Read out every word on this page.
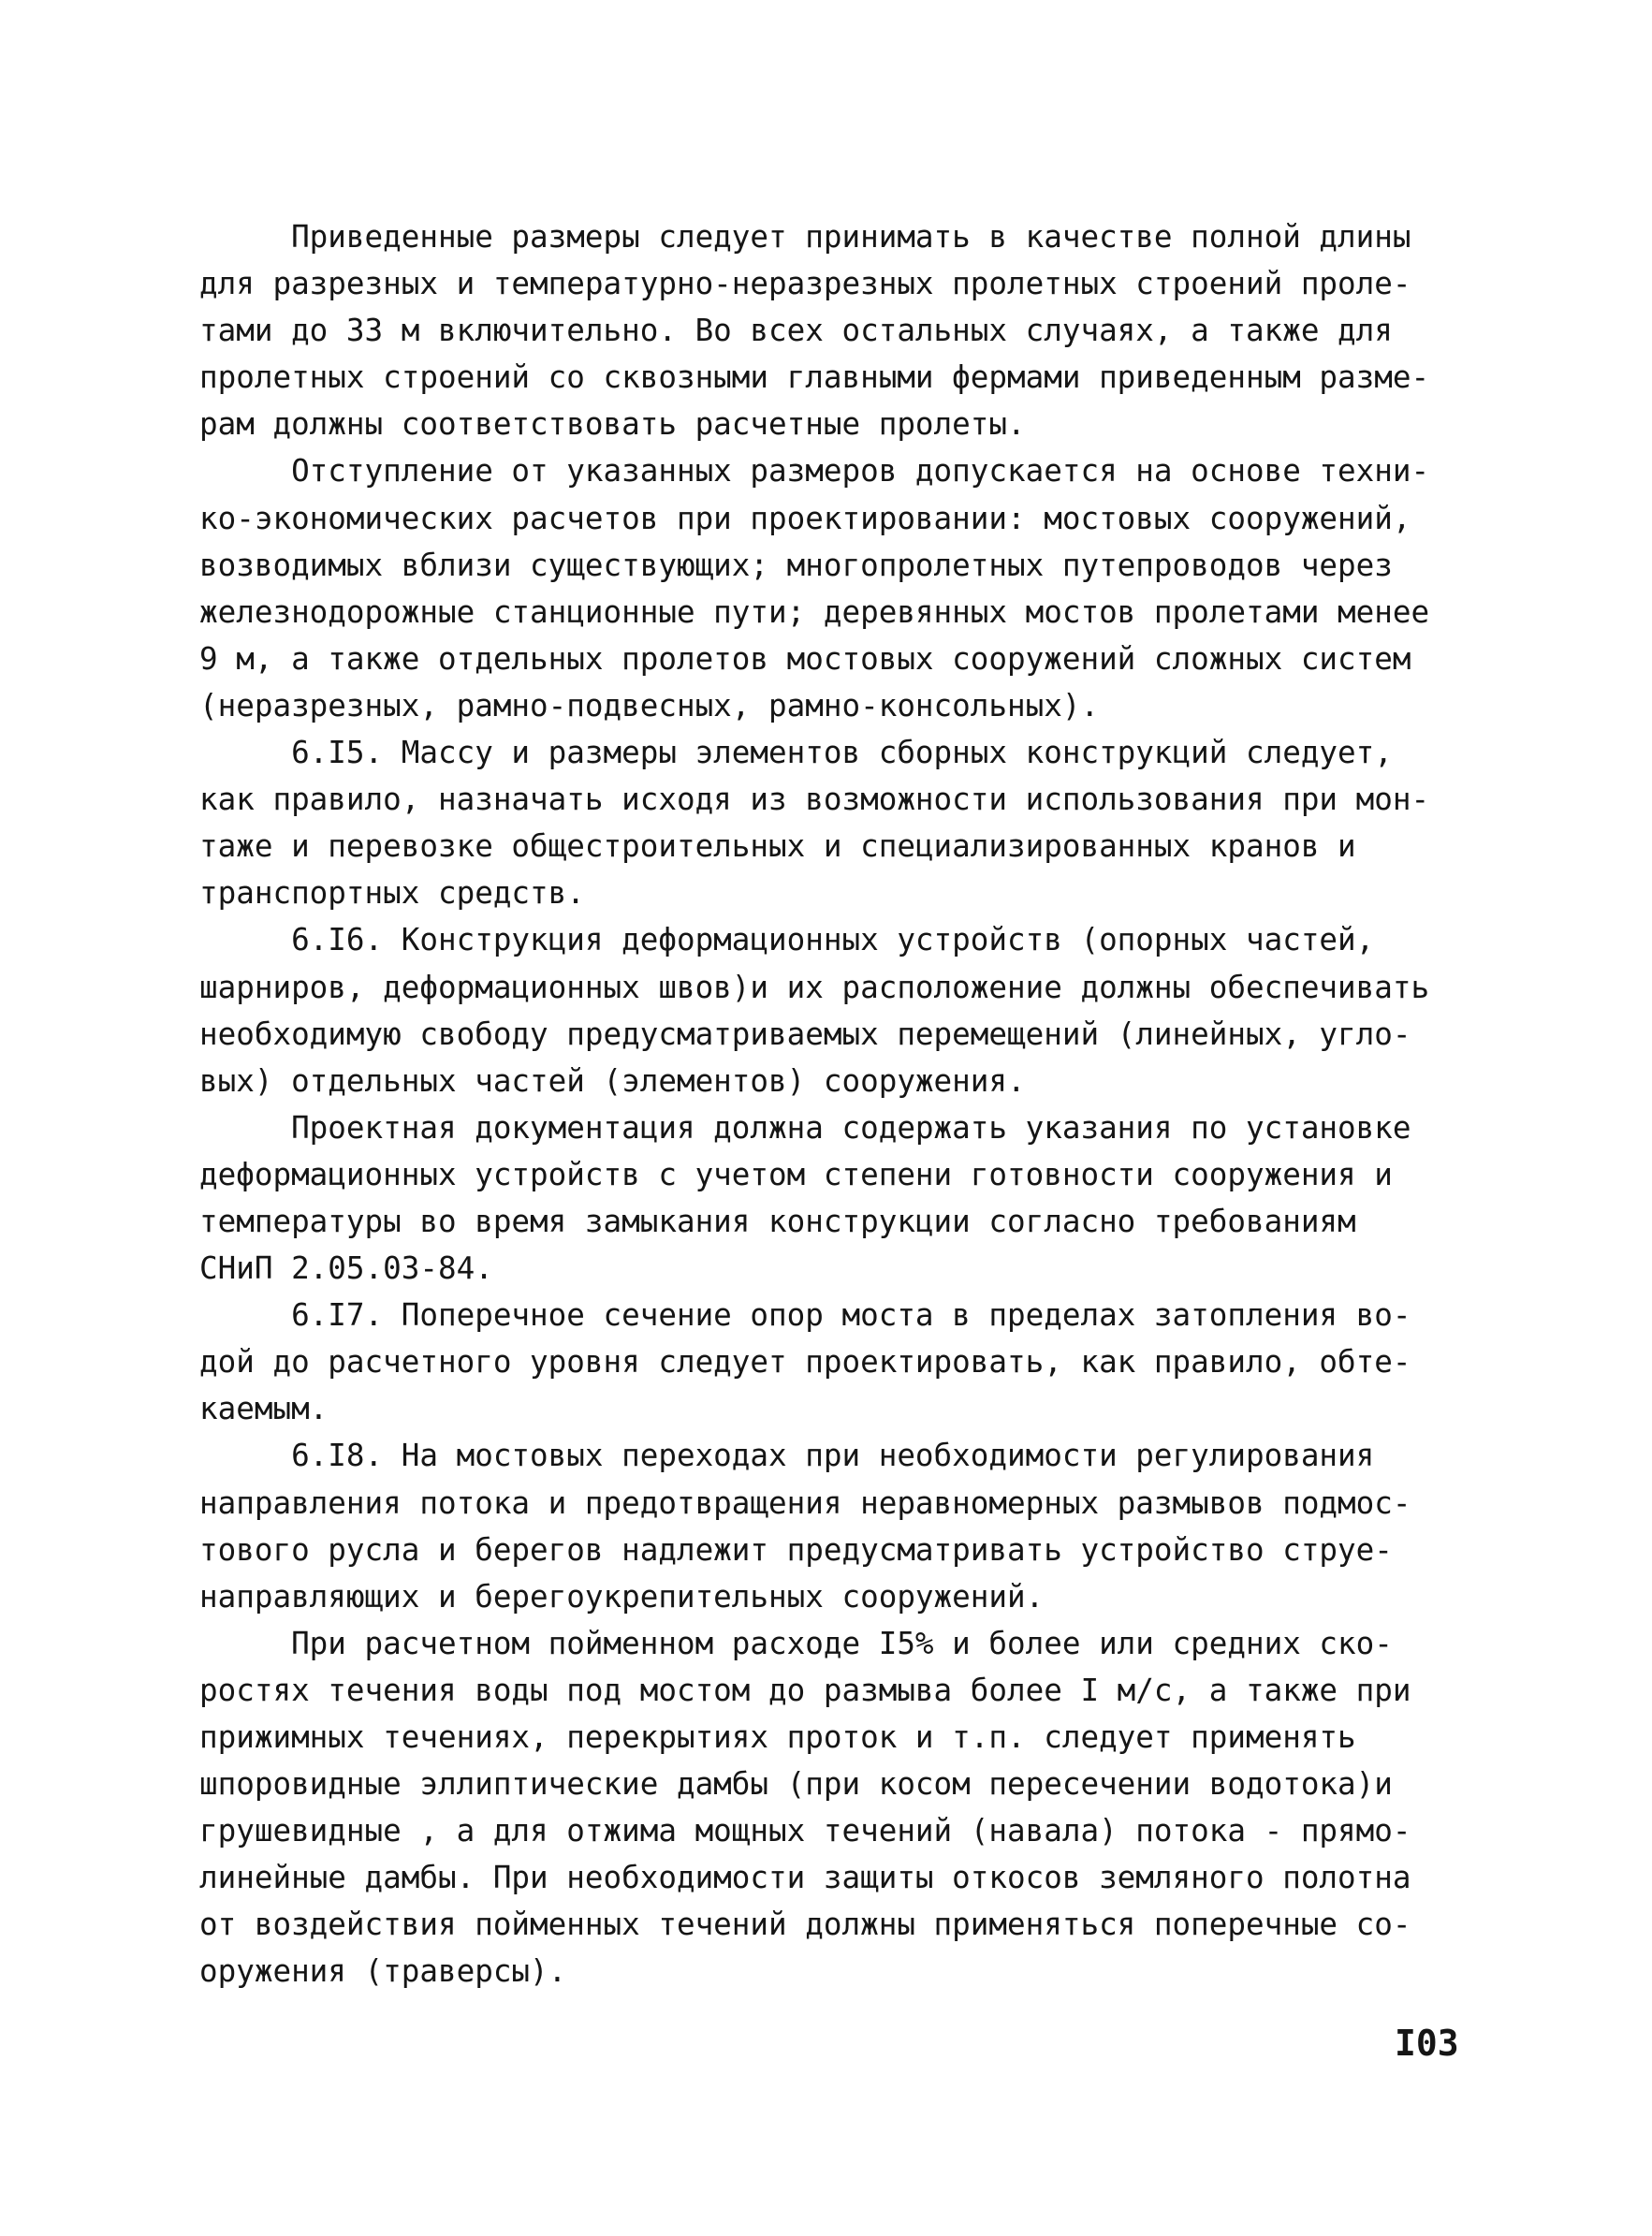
Приведенные размеры следует принимать в качестве полной длины
для разрезных и температурно-неразрезных пролетных строений проле-
тами до 33 м включительно. Во всех остальных случаях, а также для
пролетных строений со сквозными главными фермами приведенным разме-
рам должны соответствовать расчетные пролеты.
Отступление от указанных размеров допускается на основе техни-
ко-экономических расчетов при проектировании: мостовых сооружений,
возводимых вблизи существующих; многопролетных путепроводов через
железнодорожные станционные пути; деревянных мостов пролетами менее
9 м, а также отдельных пролетов мостовых сооружений сложных систем
(неразрезных, рамно-подвесных, рамно-консольных).
6.I5. Массу и размеры элементов сборных конструкций следует,
как правило, назначать исходя из возможности использования при мон-
таже и перевозке общестроительных и специализированных кранов и
транспортных средств.
6.I6. Конструкция деформационных устройств (опорных частей,
шарниров, деформационных швов)и их расположение должны обеспечивать
необходимую свободу предусматриваемых перемещений (линейных, угло-
вых) отдельных частей (элементов) сооружения.
Проектная документация должна содержать указания по установке
деформационных устройств с учетом степени готовности сооружения и
температуры во время замыкания конструкции согласно требованиям
СНиП 2.05.03-84.
6.I7. Поперечное сечение опор моста в пределах затопления во-
дой до расчетного уровня следует проектировать, как правило, обте-
каемым.
6.I8. На мостовых переходах при необходимости регулирования
направления потока и предотвращения неравномерных размывов подмос-
тового русла и берегов надлежит предусматривать устройство струе-
направляющих и берегоукрепительных сооружений.
При расчетном пойменном расходе I5% и более или средних ско-
ростях течения воды под мостом до размыва более I м/с, а также при
прижимных течениях, перекрытиях проток и т.п. следует применять
шпоровидные эллиптические дамбы (при косом пересечении водотока)и
грушевидные , а для отжима мощных течений (навала) потока - прямо-
линейные дамбы. При необходимости защиты откосов земляного полотна
от воздействия пойменных течений должны применяться поперечные со-
оружения (траверсы).
I03
